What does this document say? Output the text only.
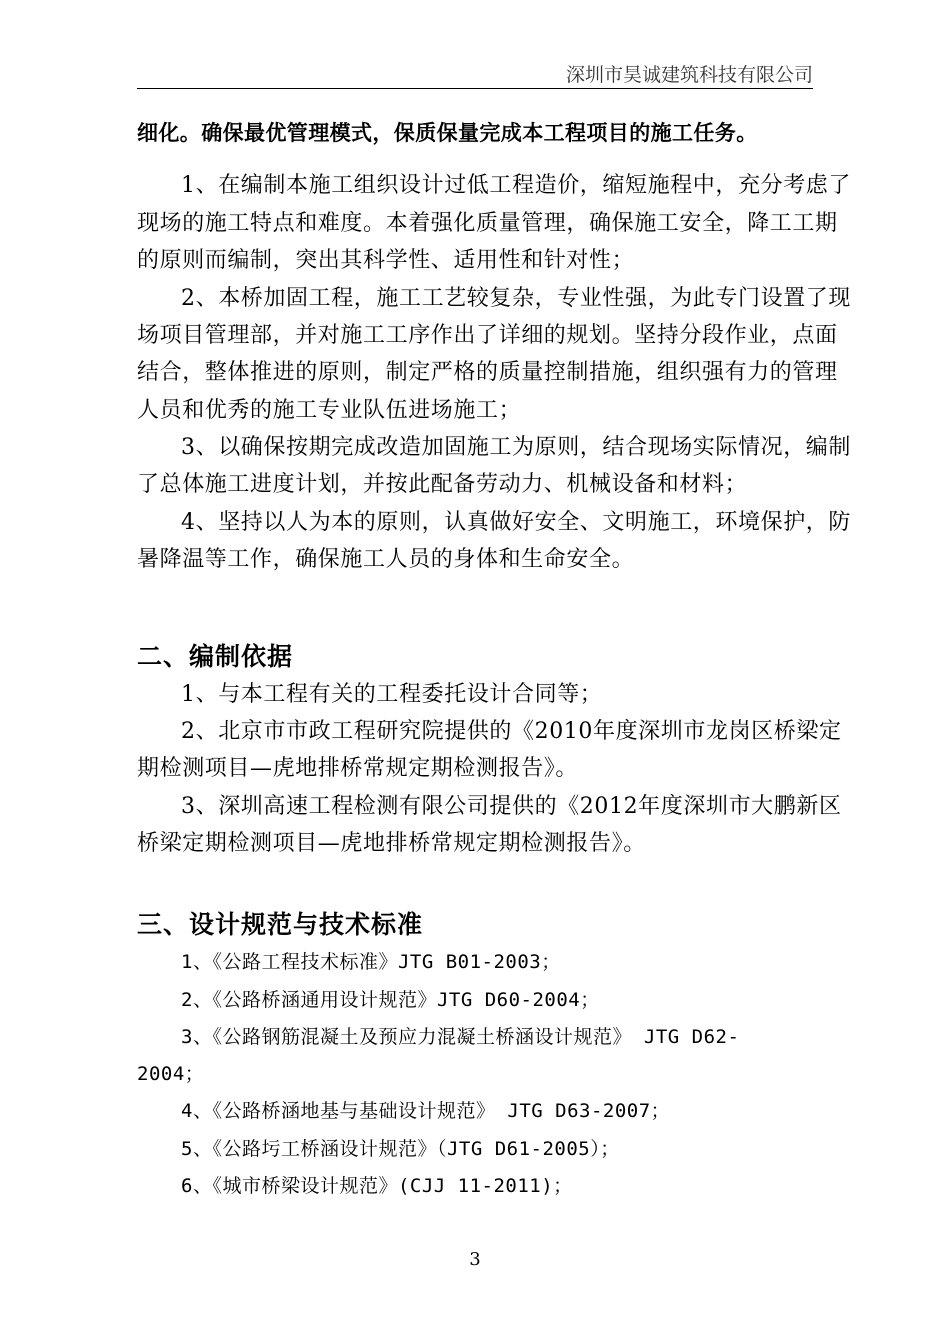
深圳市昊诚建筑科技有限公司
细化。确保最优管理模式，保质保量完成本工程项目的施工任务。
1、在编制本施工组织设计过低工程造价，缩短施程中，充分考虑了
现场的施工特点和难度。本着强化质量管理，确保施工安全，降工工期
的原则而编制，突出其科学性、适用性和针对性；
2、本桥加固工程，施工工艺较复杂，专业性强，为此专门设置了现
场项目管理部，并对施工工序作出了详细的规划。坚持分段作业，点面
结合，整体推进的原则，制定严格的质量控制措施，组织强有力的管理
人员和优秀的施工专业队伍进场施工；
3、以确保按期完成改造加固施工为原则，结合现场实际情况，编制
了总体施工进度计划，并按此配备劳动力、机械设备和材料；
4、坚持以人为本的原则，认真做好安全、文明施工，环境保护，防
暑降温等工作，确保施工人员的身体和生命安全。
二、编制依据
1、与本工程有关的工程委托设计合同等；
2、北京市市政工程研究院提供的《2010年度深圳市龙岗区桥梁定
期检测项目—虎地排桥常规定期检测报告》。
3、深圳高速工程检测有限公司提供的《2012年度深圳市大鹏新区
桥梁定期检测项目—虎地排桥常规定期检测报告》。
三、设计规范与技术标准
1、《公路工程技术标准》JTG B01-2003；
2、《公路桥涵通用设计规范》JTG D60-2004；
3、《公路钢筋混凝土及预应力混凝土桥涵设计规范》 JTG D62-
2004；
4、《公路桥涵地基与基础设计规范》 JTG D63-2007；
5、《公路圬工桥涵设计规范》（JTG D61-2005）；
6、《城市桥梁设计规范》(CJJ 11-2011)；
3
